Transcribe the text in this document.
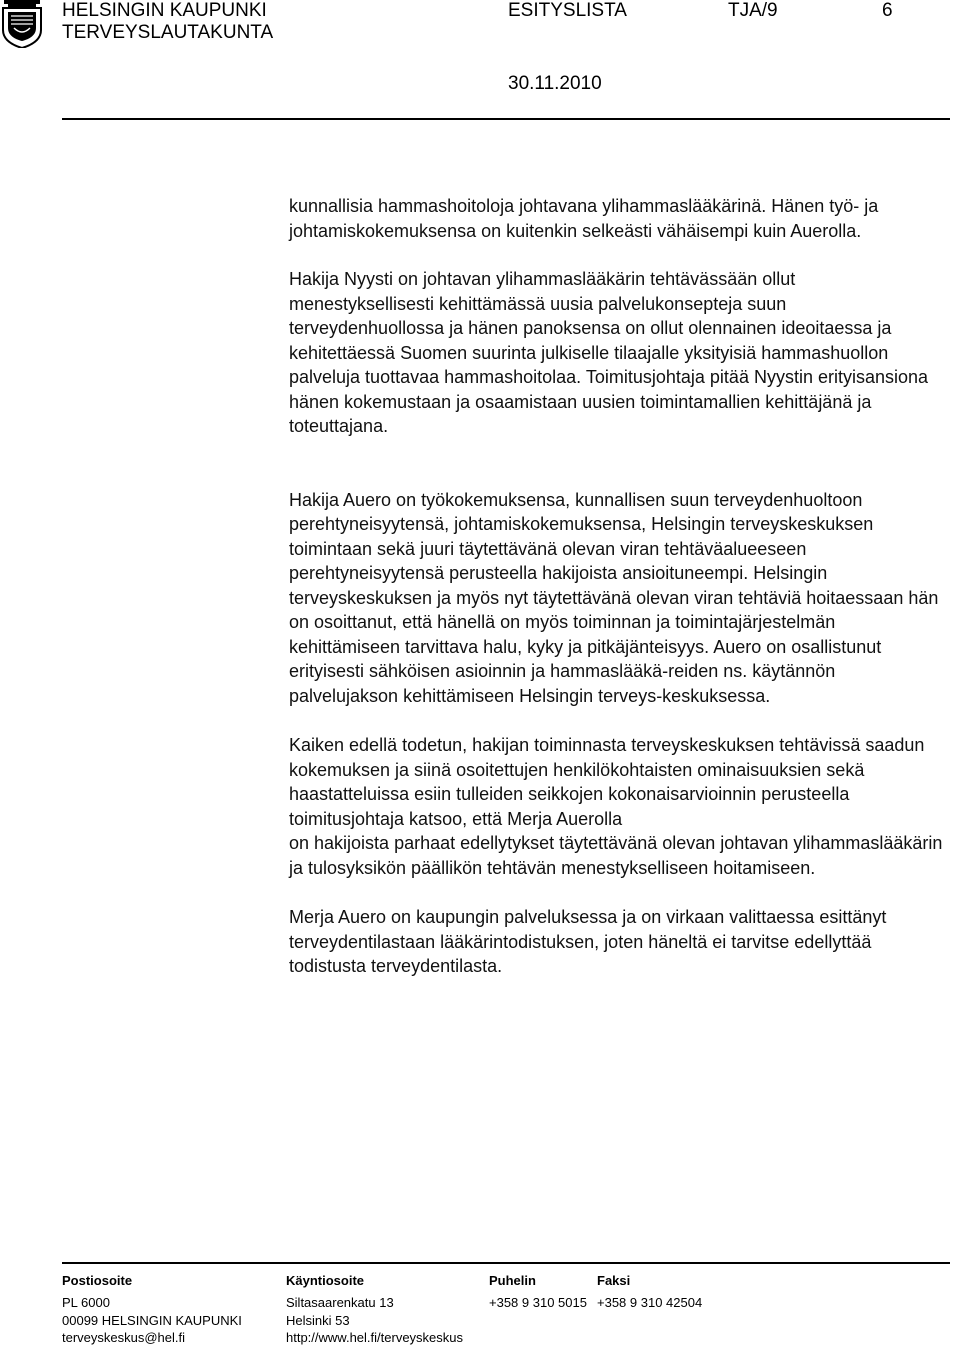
HELSINGIN KAUPUNKI
TERVEYSLAUTAKUNTA
ESITYSLISTA	TJA/9	6
30.11.2010

kunnallisia hammashoitoloja johtavana ylihammaslääkärinä. Hänen työ- ja johtamiskokemuksensa on kuitenkin selkeästi vähäisempi kuin Auerolla.

Hakija Nyysti on johtavan ylihammaslääkärin tehtävässään ollut menestyksellisesti kehittämässä uusia palvelukonsepteja suun terveydenhuollossa ja hänen panoksensa on ollut olennainen ideoitaessa ja kehitettäessä Suomen suurinta julkiselle tilaajalle yksityisiä hammashuollon palveluja tuottavaa hammashoitolaa. Toimitusjohtaja pitää Nyystin erityisansiona hänen kokemustaan ja osaamistaan uusien toimintamallien kehittäjänä ja toteuttajana.

Hakija Auero on työkokemuksensa, kunnallisen suun terveydenhuoltoon perehtyneisyytensä, johtamiskokemuksensa, Helsingin terveyskeskuksen toimintaan sekä juuri täytettävänä olevan viran tehtäväalueeseen perehtyneisyytensä perusteella hakijoista ansioituneempi. Helsingin terveyskeskuksen ja myös nyt täytettävänä olevan viran tehtäviä hoitaessaan hän on osoittanut, että hänellä on myös toiminnan ja toimintajärjestelmän kehittämiseen tarvittava halu, kyky ja pitkäjänteisyys. Auero on osallistunut erityisesti sähköisen asioinnin ja hammaslääkä-reiden ns. käytännön palvelujakson kehittämiseen Helsingin terveys-keskuksessa.

Kaiken edellä todetun, hakijan toiminnasta terveyskeskuksen tehtävissä saadun kokemuksen ja siinä osoitettujen henkilökohtaisten ominaisuuksien sekä haastatteluissa esiin tulleiden seikkojen kokonaisarvioinnin perusteella toimitusjohtaja katsoo, että Merja Auerolla

on hakijoista parhaat edellytykset täytettävänä olevan johtavan ylihammaslääkärin ja tulosyksikön päällikön tehtävän menestykselliseen hoitamiseen.

Merja Auero on kaupungin palveluksessa ja on virkaan valittaessa esittänyt terveydentilastaan lääkärintodistuksen, joten häneltä ei tarvitse edellyttää todistusta terveydentilasta.

Postiosoite
PL 6000
00099 HELSINGIN KAUPUNKI
terveyskeskus@hel.fi
Käyntiosoite
Siltasaarenkatu 13
Helsinki 53
http://www.hel.fi/terveyskeskus
Puhelin
+358 9 310 5015
Faksi
+358 9 310 42504
